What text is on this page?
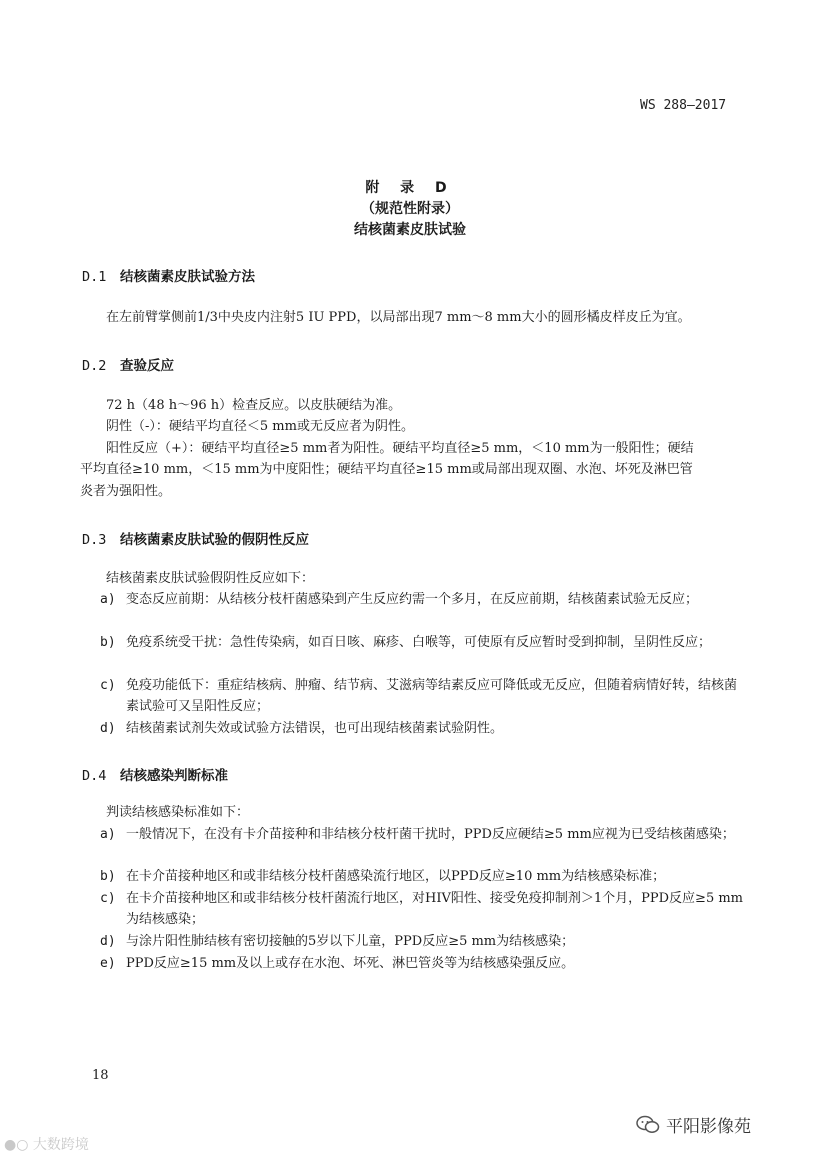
WS 288—2017
附 录 D
（规范性附录）
结核菌素皮肤试验
D.1 结核菌素皮肤试验方法
在左前臂掌侧前1/3中央皮内注射5 IU PPD，以局部出现7 mm～8 mm大小的圆形橘皮样皮丘为宜。
D.2 查验反应
72 h（48 h～96 h）检查反应。以皮肤硬结为准。
阴性（-）：硬结平均直径＜5 mm或无反应者为阴性。
阳性反应（+）：硬结平均直径≥5 mm者为阳性。硬结平均直径≥5 mm，＜10 mm为一般阳性；硬结
平均直径≥10 mm，＜15 mm为中度阳性；硬结平均直径≥15 mm或局部出现双圈、水泡、坏死及淋巴管
炎者为强阳性。
D.3 结核菌素皮肤试验的假阴性反应
结核菌素皮肤试验假阴性反应如下：
a) 变态反应前期：从结核分枝杆菌感染到产生反应约需一个多月，在反应前期，结核菌素试验无反应；
b) 免疫系统受干扰：急性传染病，如百日咳、麻疹、白喉等，可使原有反应暂时受到抑制，呈阴性反应；
c) 免疫功能低下：重症结核病、肿瘤、结节病、艾滋病等结素反应可降低或无反应，但随着病情好转，结核菌素试验可又呈阳性反应；
d) 结核菌素试剂失效或试验方法错误，也可出现结核菌素试验阴性。
D.4 结核感染判断标准
判读结核感染标准如下：
a) 一般情况下，在没有卡介苗接种和非结核分枝杆菌干扰时，PPD反应硬结≥5 mm应视为已受结核菌感染；
b) 在卡介苗接种地区和或非结核分枝杆菌感染流行地区，以PPD反应≥10 mm为结核感染标准；
c) 在卡介苗接种地区和或非结核分枝杆菌流行地区，对HIV阳性、接受免疫抑制剂＞1个月，PPD反应≥5 mm为结核感染；
d) 与涂片阳性肺结核有密切接触的5岁以下儿童，PPD反应≥5 mm为结核感染；
e) PPD反应≥15 mm及以上或存在水泡、坏死、淋巴管炎等为结核感染强反应。
18
平阳影像苑
●○ 大数跨境
